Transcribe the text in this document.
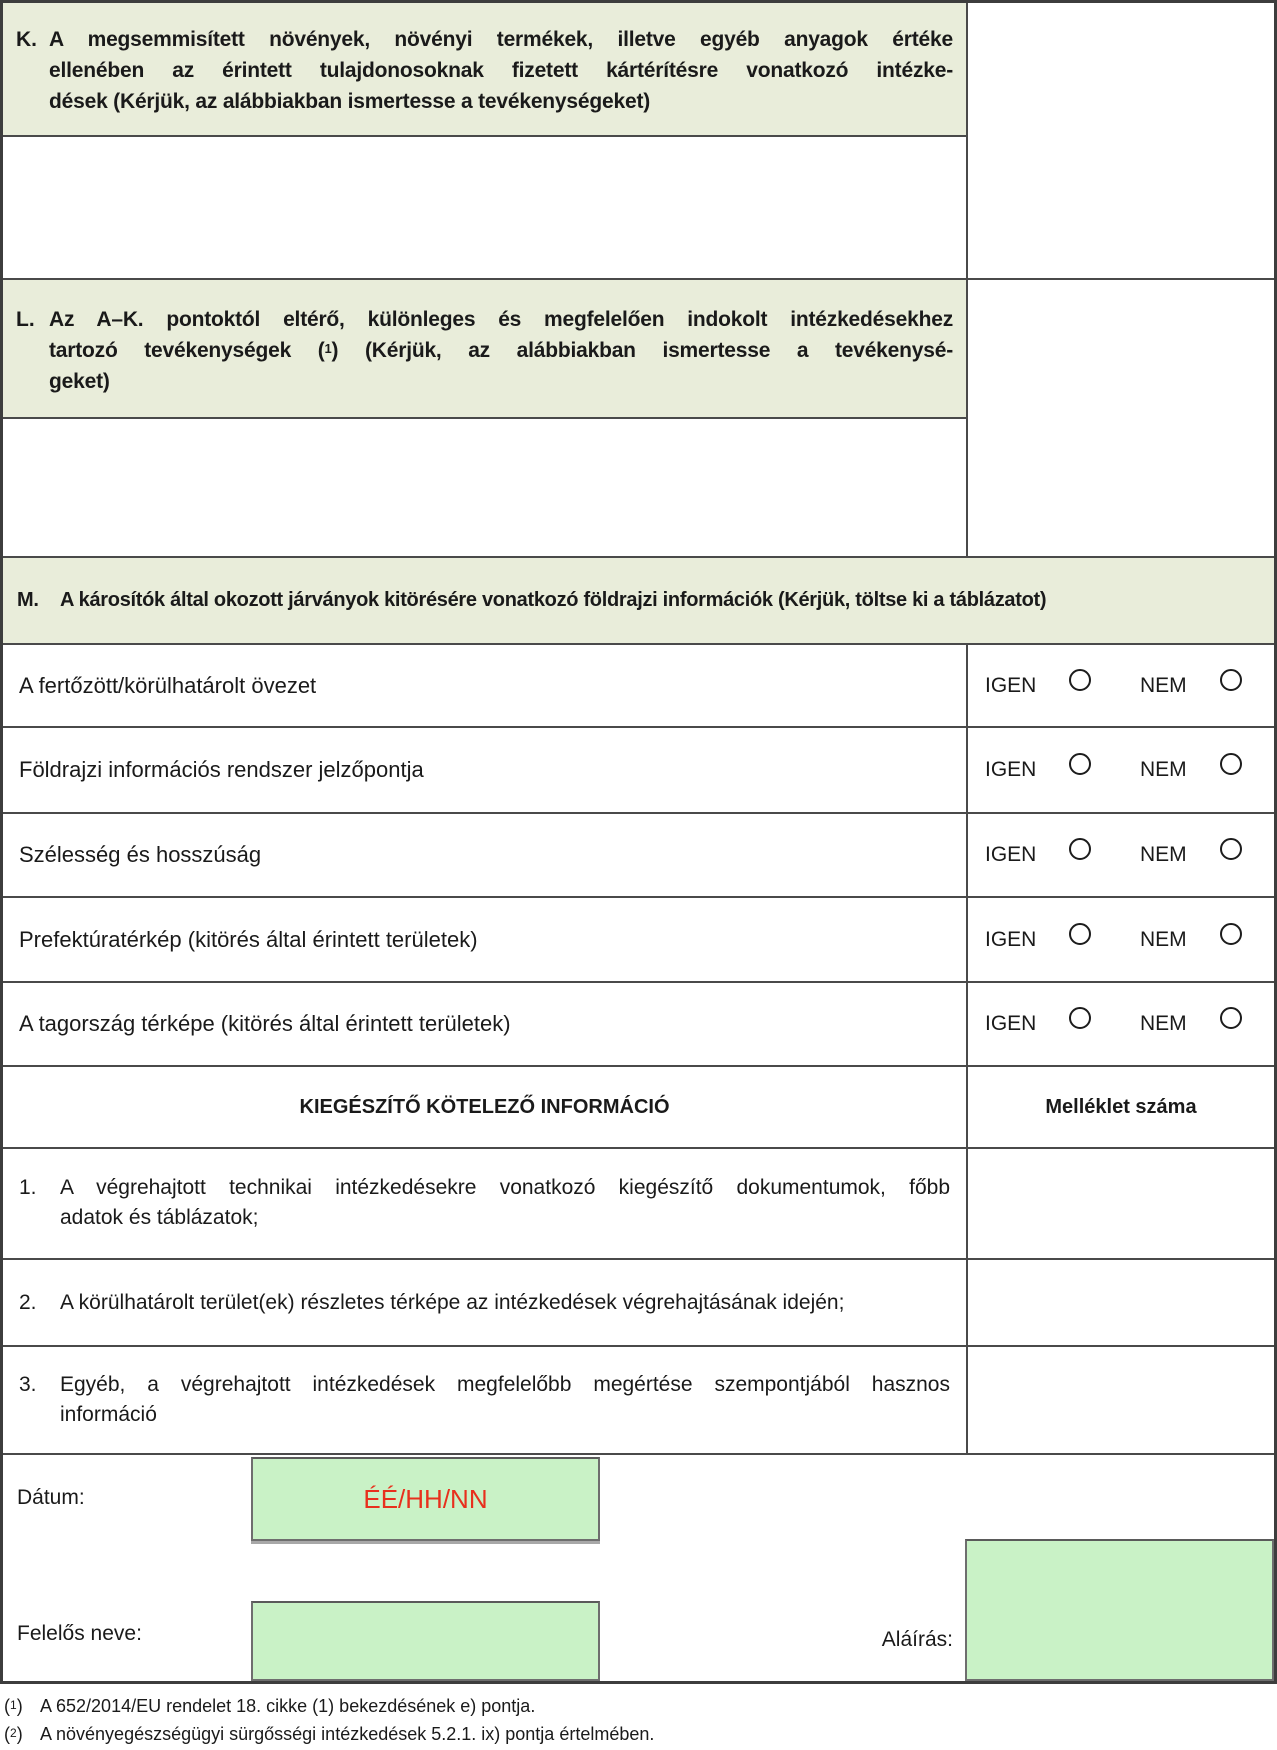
K. A megsemmisített növények, növényi termékek, illetve egyéb anyagok értéke
ellenében az érintett tulajdonosoknak fizetett kártérítésre vonatkozó intézke-
dések (Kérjük, az alábbiakban ismertesse a tevékenységeket)
L. Az A–K. pontoktól eltérő, különleges és megfelelően indokolt intézkedésekhez
tartozó tevékenységek ($^1$) (Kérjük, az alábbiakban ismertesse a tevékenysé-
geket)
M.	A károsítók által okozott járványok kitörésére vonatkozó földrajzi információk (Kérjük, töltse ki a táblázatot)
A fertőzött/körülhatárolt övezet	IGEN	NEM
Földrajzi információs rendszer jelzőpontja	IGEN	NEM
Szélesség és hosszúság	IGEN	NEM
Prefektúratérkép (kitörés által érintett területek)	IGEN	NEM
A tagország térképe (kitörés által érintett területek)	IGEN	NEM
KIEGÉSZÍTŐ KÖTELEZŐ INFORMÁCIÓ	Melléklet száma
1. A végrehajtott technikai intézkedésekre vonatkozó kiegészítő dokumentumok, főbb
adatok és táblázatok;
2. A körülhatárolt terület(ek) részletes térképe az intézkedések végrehajtásának idején;
3. Egyéb, a végrehajtott intézkedések megfelelőbb megértése szempontjából hasznos
információ
Dátum:	ÉÉ/HH/NN
Felelős neve:	Aláírás:
($^1$) A 652/2014/EU rendelet 18. cikke (1) bekezdésének e) pontja.
($^2$) A növényegészségügyi sürgősségi intézkedések 5.2.1. ix) pontja értelmében.
